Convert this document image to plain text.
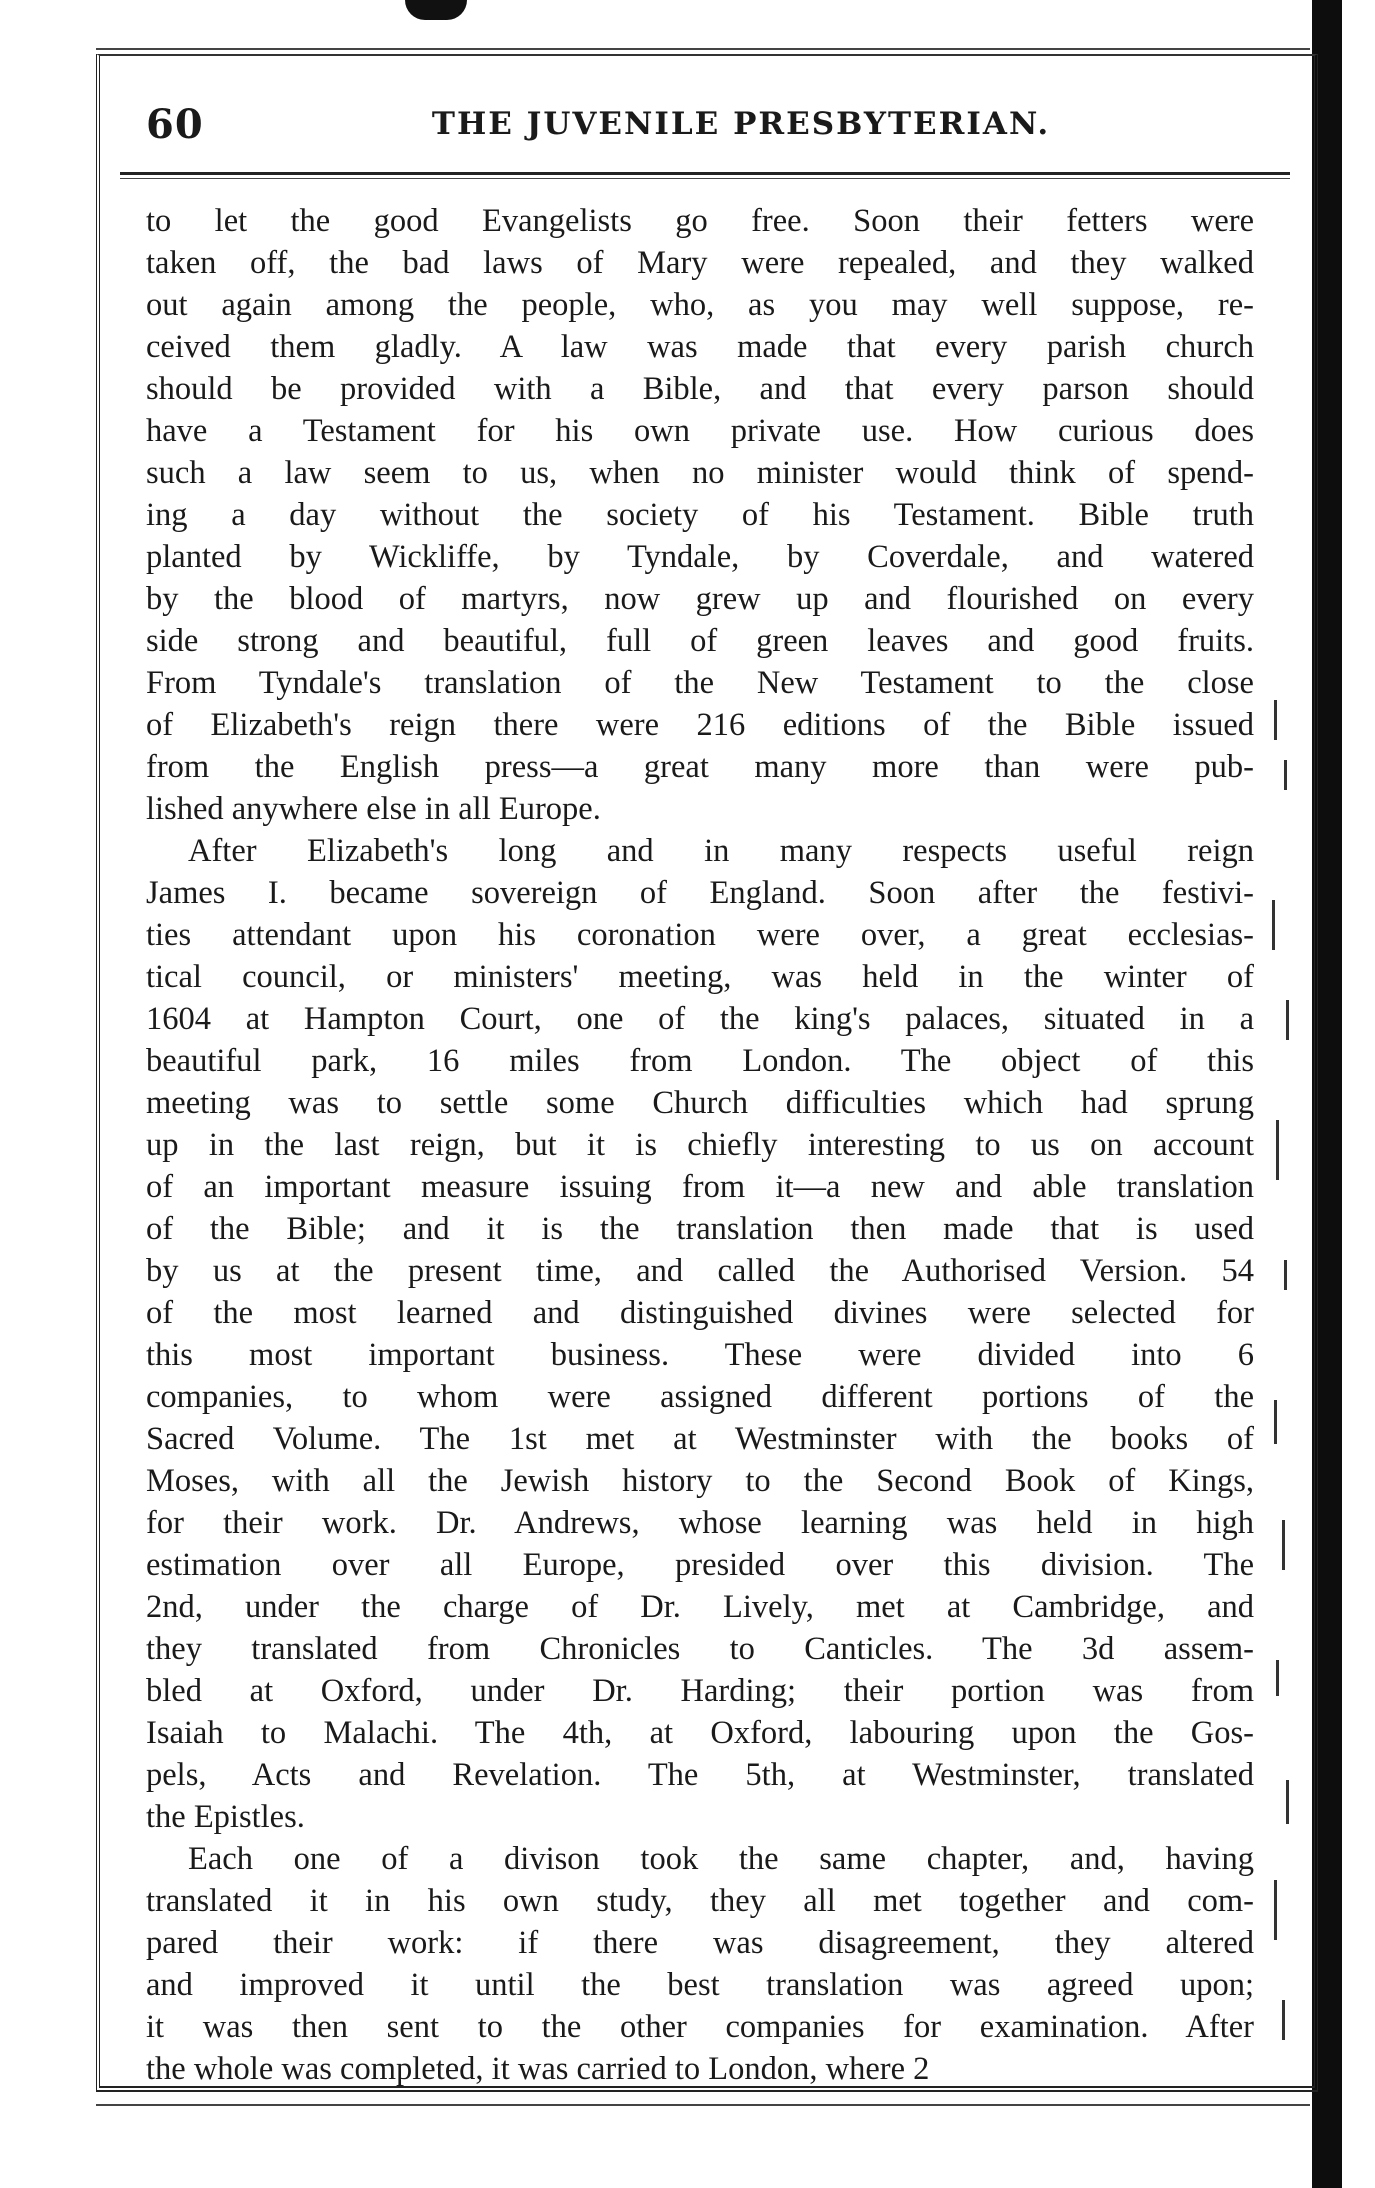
60	THE JUVENILE PRESBYTERIAN.
to let the good Evangelists go free. Soon their fetters were
taken off, the bad laws of Mary were repealed, and they walked
out again among the people, who, as you may well suppose, re-
ceived them gladly. A law was made that every parish church
should be provided with a Bible, and that every parson should
have a Testament for his own private use. How curious does
such a law seem to us, when no minister would think of spend-
ing a day without the society of his Testament. Bible truth
planted by Wickliffe, by Tyndale, by Coverdale, and watered
by the blood of martyrs, now grew up and flourished on every
side strong and beautiful, full of green leaves and good fruits.
From Tyndale's translation of the New Testament to the close
of Elizabeth's reign there were 216 editions of the Bible issued
from the English press—a great many more than were pub-
lished anywhere else in all Europe.
After Elizabeth's long and in many respects useful reign
James I. became sovereign of England. Soon after the festivi-
ties attendant upon his coronation were over, a great ecclesias-
tical council, or ministers' meeting, was held in the winter of
1604 at Hampton Court, one of the king's palaces, situated in a
beautiful park, 16 miles from London. The object of this
meeting was to settle some Church difficulties which had sprung
up in the last reign, but it is chiefly interesting to us on account
of an important measure issuing from it—a new and able translation
of the Bible; and it is the translation then made that is used
by us at the present time, and called the Authorised Version. 54
of the most learned and distinguished divines were selected for
this most important business. These were divided into 6
companies, to whom were assigned different portions of the
Sacred Volume. The 1st met at Westminster with the books of
Moses, with all the Jewish history to the Second Book of Kings,
for their work. Dr. Andrews, whose learning was held in high
estimation over all Europe, presided over this division. The
2nd, under the charge of Dr. Lively, met at Cambridge, and
they translated from Chronicles to Canticles. The 3d assem-
bled at Oxford, under Dr. Harding; their portion was from
Isaiah to Malachi. The 4th, at Oxford, labouring upon the Gos-
pels, Acts and Revelation. The 5th, at Westminster, translated
the Epistles.
Each one of a divison took the same chapter, and, having
translated it in his own study, they all met together and com-
pared their work: if there was disagreement, they altered
and improved it until the best translation was agreed upon;
it was then sent to the other companies for examination. After
the whole was completed, it was carried to London, where 2
